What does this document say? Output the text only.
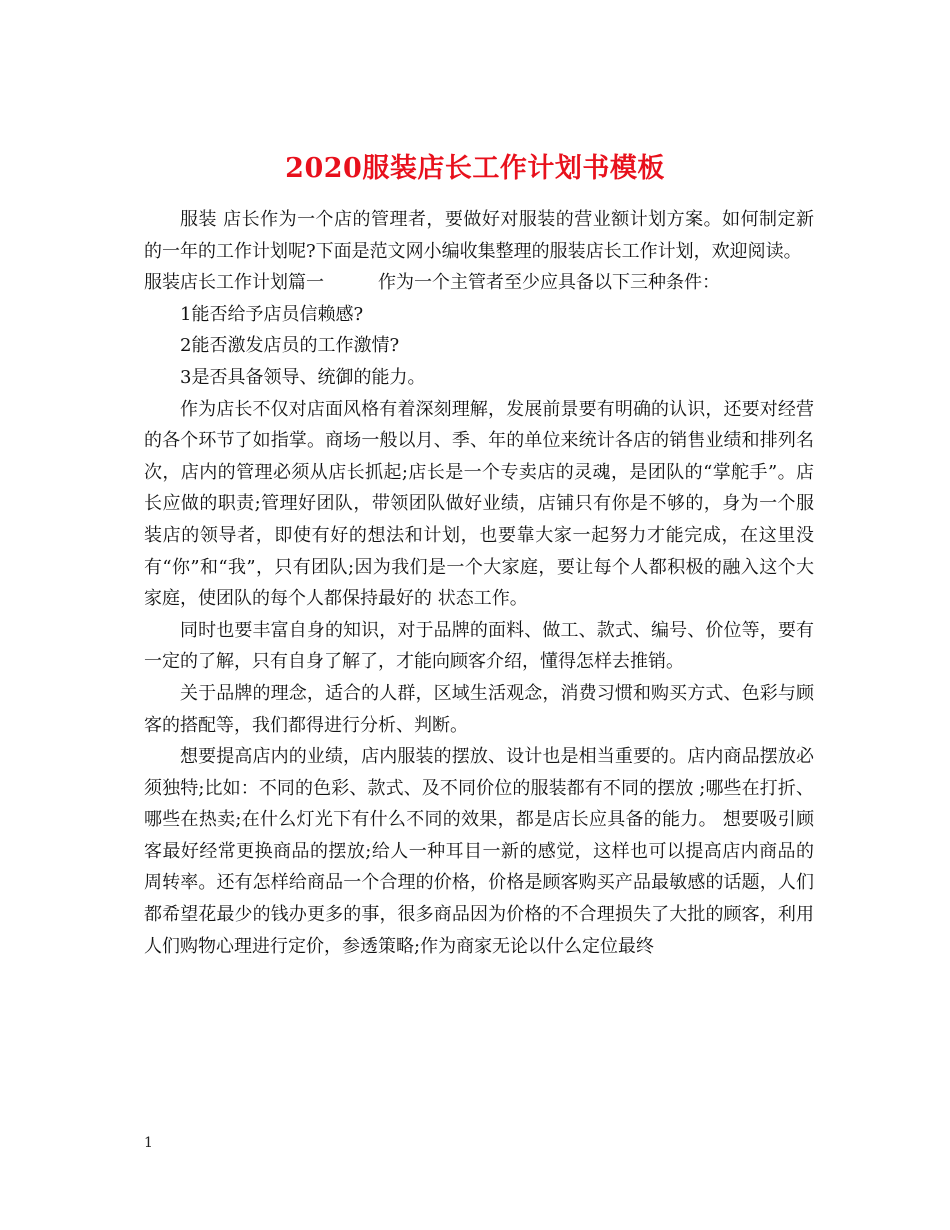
2020服装店长工作计划书模板

服装 店长作为一个店的管理者，要做好对服装的营业额计划方案。如何制定新的一年的工作计划呢?下面是范文网小编收集整理的服装店长工作计划，欢迎阅读。

服装店长工作计划篇一　　　作为一个主管者至少应具备以下三种条件：

1能否给予店员信赖感?

2能否激发店员的工作激情?

3是否具备领导、统御的能力。

作为店长不仅对店面风格有着深刻理解，发展前景要有明确的认识，还要对经营的各个环节了如指掌。商场一般以月、季、年的单位来统计各店的销售业绩和排列名次，店内的管理必须从店长抓起;店长是一个专卖店的灵魂，是团队的“掌舵手”。店长应做的职责;管理好团队，带领团队做好业绩，店铺只有你是不够的，身为一个服装店的领导者，即使有好的想法和计划，也要靠大家一起努力才能完成，在这里没有“你”和“我”，只有团队;因为我们是一个大家庭，要让每个人都积极的融入这个大家庭，使团队的每个人都保持最好的 状态工作。

同时也要丰富自身的知识，对于品牌的面料、做工、款式、编号、价位等，要有一定的了解，只有自身了解了，才能向顾客介绍，懂得怎样去推销。

关于品牌的理念，适合的人群，区域生活观念，消费习惯和购买方式、色彩与顾客的搭配等，我们都得进行分析、判断。

想要提高店内的业绩，店内服装的摆放、设计也是相当重要的。店内商品摆放必须独特;比如：不同的色彩、款式、及不同价位的服装都有不同的摆放 ;哪些在打折、哪些在热卖;在什么灯光下有什么不同的效果，都是店长应具备的能力。 想要吸引顾客最好经常更换商品的摆放;给人一种耳目一新的感觉，这样也可以提高店内商品的周转率。还有怎样给商品一个合理的价格，价格是顾客购买产品最敏感的话题，人们都希望花最少的钱办更多的事，很多商品因为价格的不合理损失了大批的顾客，利用人们购物心理进行定价，参透策略;作为商家无论以什么定位最终

1
